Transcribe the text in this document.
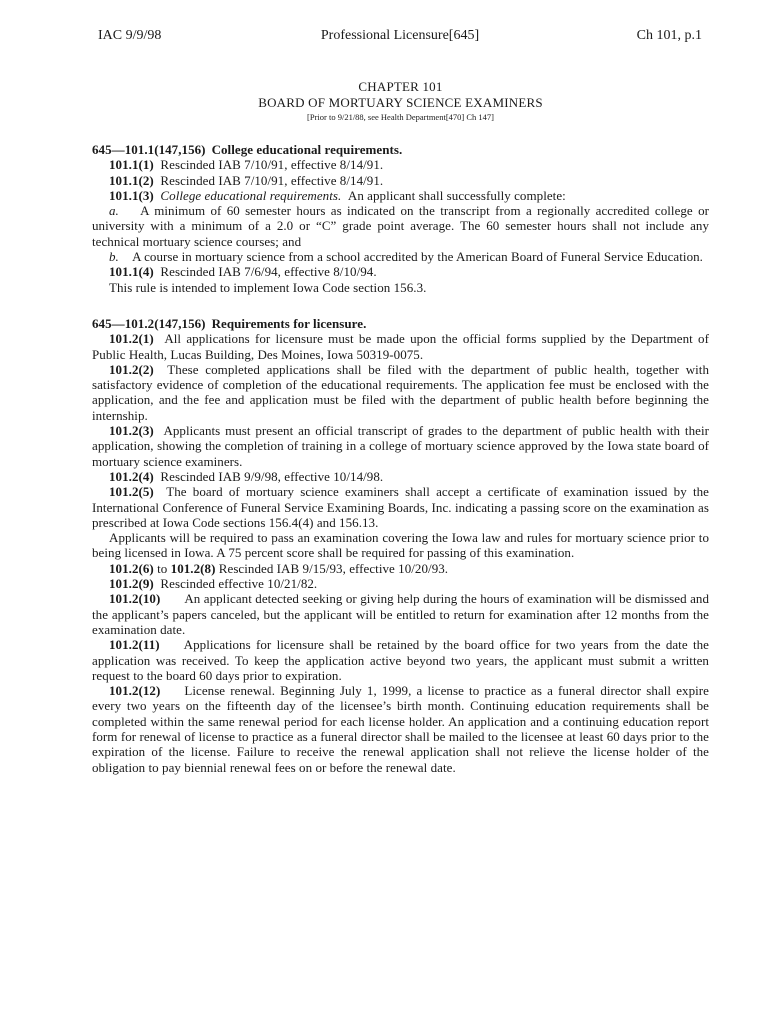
IAC 9/9/98	Professional Licensure[645]	Ch 101, p.1
CHAPTER 101
BOARD OF MORTUARY SCIENCE EXAMINERS
[Prior to 9/21/88, see Health Department[470] Ch 147]
645—101.1(147,156) College educational requirements.
101.1(1) Rescinded IAB 7/10/91, effective 8/14/91.
101.1(2) Rescinded IAB 7/10/91, effective 8/14/91.
101.1(3) College educational requirements. An applicant shall successfully complete:
a. A minimum of 60 semester hours as indicated on the transcript from a regionally accredited college or university with a minimum of a 2.0 or “C” grade point average. The 60 semester hours shall not include any technical mortuary science courses; and
b. A course in mortuary science from a school accredited by the American Board of Funeral Service Education.
101.1(4) Rescinded IAB 7/6/94, effective 8/10/94.
This rule is intended to implement Iowa Code section 156.3.
645—101.2(147,156) Requirements for licensure.
101.2(1) All applications for licensure must be made upon the official forms supplied by the Department of Public Health, Lucas Building, Des Moines, Iowa 50319-0075.
101.2(2) These completed applications shall be filed with the department of public health, together with satisfactory evidence of completion of the educational requirements. The application fee must be enclosed with the application, and the fee and application must be filed with the department of public health before beginning the internship.
101.2(3) Applicants must present an official transcript of grades to the department of public health with their application, showing the completion of training in a college of mortuary science approved by the Iowa state board of mortuary science examiners.
101.2(4) Rescinded IAB 9/9/98, effective 10/14/98.
101.2(5) The board of mortuary science examiners shall accept a certificate of examination issued by the International Conference of Funeral Service Examining Boards, Inc. indicating a passing score on the examination as prescribed at Iowa Code sections 156.4(4) and 156.13.
Applicants will be required to pass an examination covering the Iowa law and rules for mortuary science prior to being licensed in Iowa. A 75 percent score shall be required for passing of this examination.
101.2(6) to 101.2(8) Rescinded IAB 9/15/93, effective 10/20/93.
101.2(9) Rescinded effective 10/21/82.
101.2(10) An applicant detected seeking or giving help during the hours of examination will be dismissed and the applicant’s papers canceled, but the applicant will be entitled to return for examination after 12 months from the examination date.
101.2(11) Applications for licensure shall be retained by the board office for two years from the date the application was received. To keep the application active beyond two years, the applicant must submit a written request to the board 60 days prior to expiration.
101.2(12) License renewal. Beginning July 1, 1999, a license to practice as a funeral director shall expire every two years on the fifteenth day of the licensee’s birth month. Continuing education requirements shall be completed within the same renewal period for each license holder. An application and a continuing education report form for renewal of license to practice as a funeral director shall be mailed to the licensee at least 60 days prior to the expiration of the license. Failure to receive the renewal application shall not relieve the license holder of the obligation to pay biennial renewal fees on or before the renewal date.
